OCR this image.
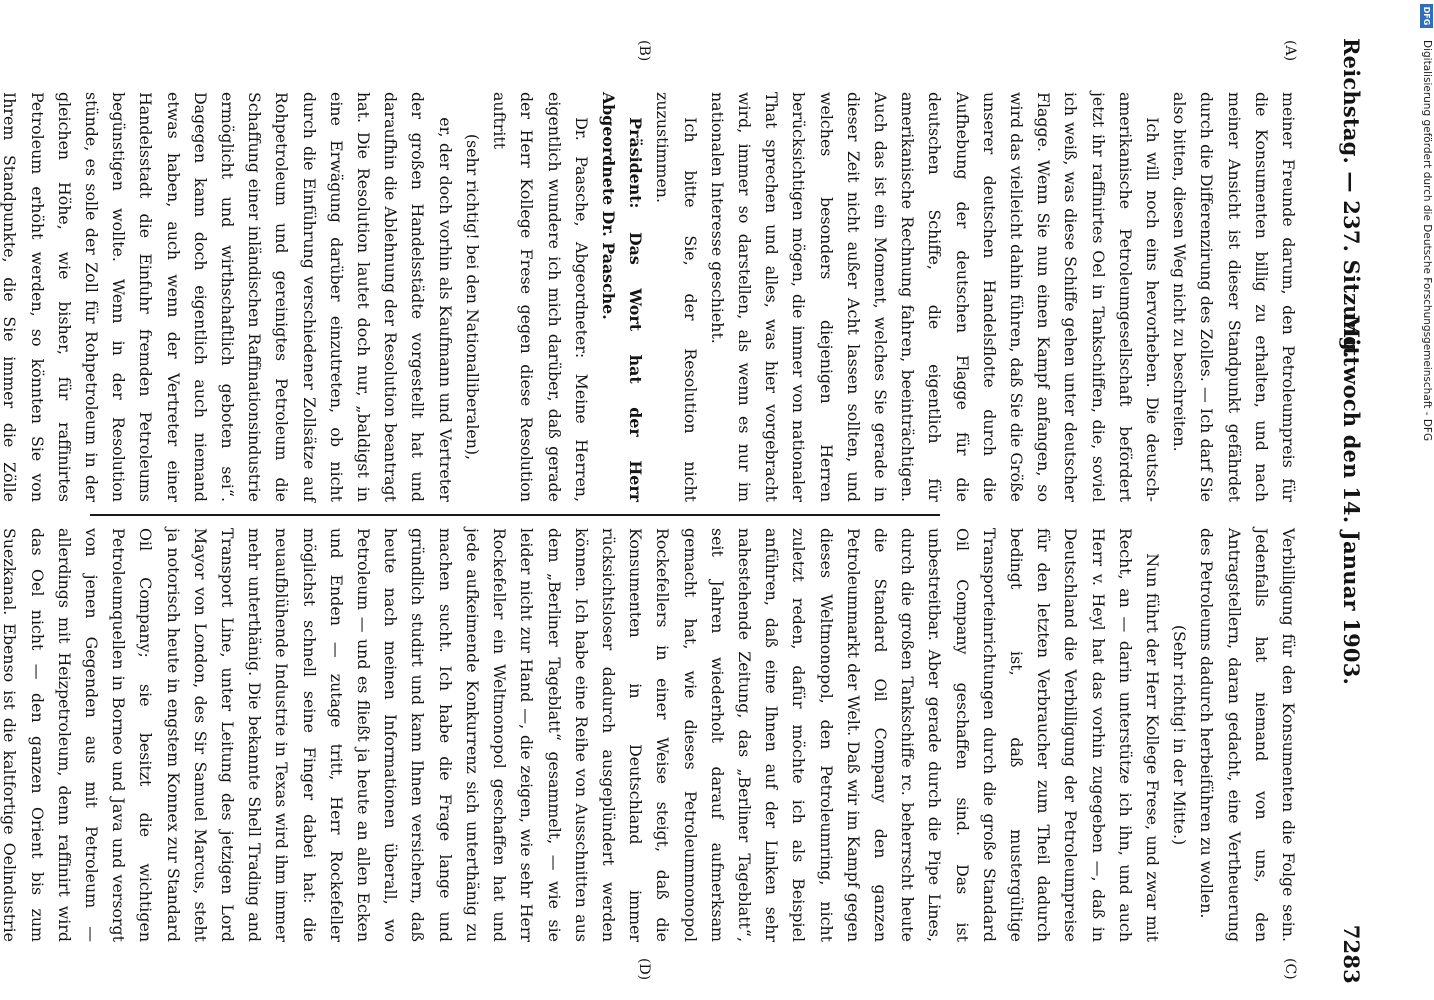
Reichstag. — 237. Sitzung.
Mittwoch den 14. Januar 1903.
7283
(A)
(B)
(C)
(D)

meiner Freunde darum, den Petroleumpreis für die Konsumenten billig zu erhalten, und nach meiner Ansicht ist dieser Standpunkt gefährdet durch die Differenzirung des Zolles. — Ich darf Sie also bitten, diesen Weg nicht zu beschreiten.

Ich will noch eins hervorheben. Die deutsch-amerikanische Petroleumgesellschaft befördert jetzt ihr raffinirtes Oel in Tankschiffen, die, soviel ich weiß, was diese Schiffe gehen unter deutscher Flagge. Wenn Sie nun einen Kampf anfangen, so wird das vielleicht dahin führen, daß Sie die Größe unserer deutschen Handelsflotte durch die Aufhebung der deutschen Flagge für die deutschen Schiffe, die eigentlich für amerikanische Rechnung fahren, beeinträchtigen. Auch das ist ein Moment, welches Sie gerade in dieser Zeit nicht außer Acht lassen sollten, und welches besonders diejenigen Herren berücksichtigen mögen, die immer von nationaler That sprechen und alles, was hier vorgebracht wird, immer so darstellen, als wenn es nur im nationalen Interesse geschieht.

Ich bitte Sie, der Resolution nicht zuzustimmen.

Präsident: Das Wort hat der Herr Abgeordnete Dr. Paasche.

Dr. Paasche, Abgeordneter: Meine Herren, eigentlich wundere ich mich darüber, daß gerade der Herr Kollege Frese gegen diese Resolution auftritt

(sehr richtig! bei den Nationalliberalen),

er, der doch vorhin als Kaufmann und Vertreter der großen Handelsstädte vorgestellt hat und daraufhin die Ablehnung der Resolution beantragt hat. Die Resolution lautet doch nur, „baldigst in eine Erwägung darüber einzutreten, ob nicht durch die Einführung verschiedener Zollsätze auf Rohpetroleum und gereinigtes Petroleum die Schaffung einer inländischen Raffinationsindustrie ermöglicht und wirthschaftlich geboten sei“. Dagegen kann doch eigentlich auch niemand etwas haben, auch wenn der Vertreter einer Handelsstadt die Einfuhr fremden Petroleums begünstigen wollte. Wenn in der Resolution stünde, es solle der Zoll für Rohpetroleum in der gleichen Höhe, wie bisher, für raffinirtes Petroleum erhöht werden, so könnten Sie von Ihrem Standpunkte, die Sie immer die Zölle

Verbilligung für den Konsumenten die Folge sein. Jedenfalls hat niemand von uns, den Antragstellern, daran gedacht, eine Vertheuerung des Petroleums dadurch herbeiführen zu wollen.

(Sehr richtig! in der Mitte.)

Nun führt der Herr Kollege Frese, und zwar mit Recht, an — darin unterstütze ich ihn, und auch Herr v. Heyl hat das vorhin zugegeben —, daß in Deutschland die Verbilligung der Petroleumpreise für den letzten Verbraucher zum Theil dadurch bedingt ist, daß mustergültige Transporteinrichtungen durch die große Standard Oil Company geschaffen sind. Das ist unbestreitbar. Aber gerade durch die Pipe Lines, durch die großen Tankschiffe rc. beherrscht heute die Standard Oil Company den ganzen Petroleummarkt der Welt. Daß wir im Kampf gegen dieses Weltmonopol, den Petroleumring, nicht zuletzt reden, dafür möchte ich als Beispiel anführen, daß eine Ihnen auf der Linken sehr nahestehende Zeitung, das „Berliner Tageblatt“, seit Jahren wiederholt darauf aufmerksam gemacht hat, wie dieses Petroleummonopol Rockefellers in einer Weise steigt, daß die Konsumenten in Deutschland immer rücksichtsloser dadurch ausgeplündert werden können. Ich habe eine Reihe von Ausschnitten aus dem „Berliner Tageblatt“ gesammelt, — wie sie leider nicht zur Hand —, die zeigen, wie sehr Herr Rockefeller ein Weltmonopol geschaffen hat und jede aufkeimende Konkurrenz sich unterthänig zu machen sucht. Ich habe die Frage lange und gründlich studirt und kann Ihnen versichern, daß heute nach meinen Informationen überall, wo Petroleum — und es fließt ja heute an allen Ecken und Enden — zutage tritt, Herr Rockefeller möglichst schnell seine Finger dabei hat: die neuaufblühende Industrie in Texas wird ihm immer mehr unterthänig. Die bekannte Shell Trading and Transport Line, unter Leitung des jetzigen Lord Mayor von London, des Sir Samuel Marcus, steht ja notorisch heute in engstem Konnex zur Standard Oil Company; sie besitzt die wichtigen Petroleumquellen in Borneo und Java und versorgt von jenen Gegenden aus mit Petroleum — allerdings mit Heizpetroleum, denn raffinirt wird das Oel nicht — den ganzen Orient bis zum Suezkanal. Ebenso ist die kaltfortige Oelindustrie

DFG
Digitalisierung gefördert durch die Deutsche Forschungsgemeinschaft - DFG
